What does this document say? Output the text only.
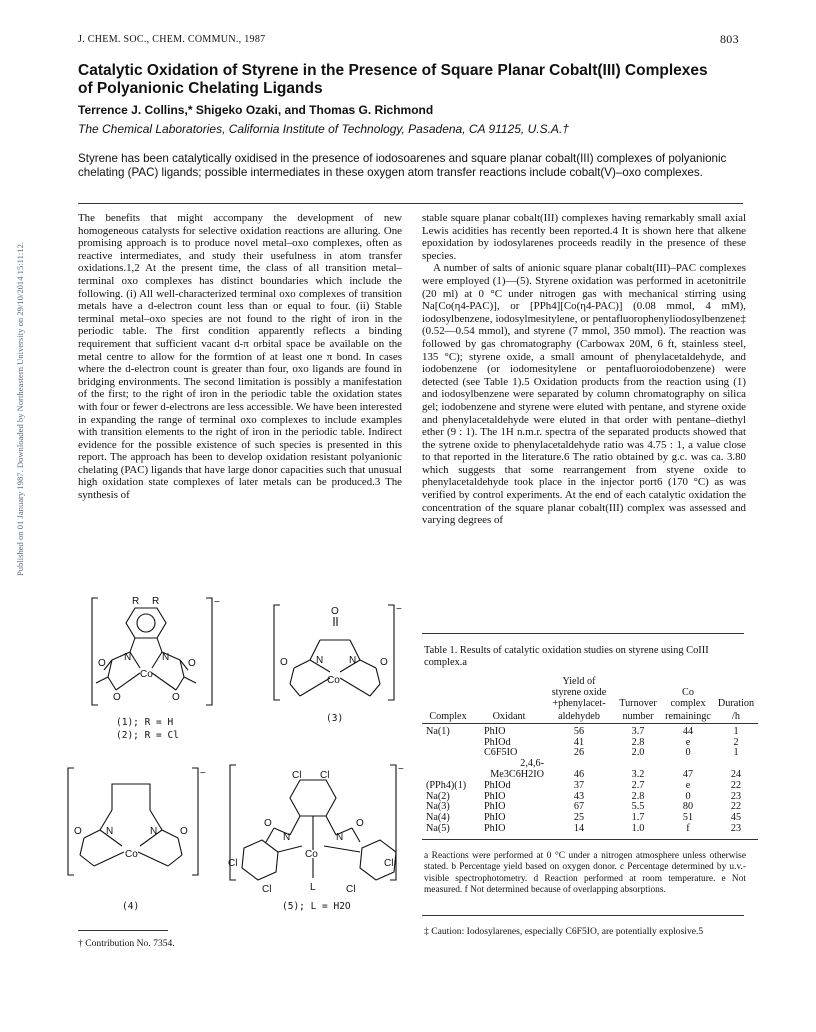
Published on 01 January 1987. Downloaded by Northeastern University on 29/10/2014 15:11:12.
J. CHEM. SOC., CHEM. COMMUN., 1987	803
Catalytic Oxidation of Styrene in the Presence of Square Planar Cobalt(III) Complexes
of Polyanionic Chelating Ligands
Terrence J. Collins,* Shigeko Ozaki, and Thomas G. Richmond
The Chemical Laboratories, California Institute of Technology, Pasadena, CA 91125, U.S.A.†
Styrene has been catalytically oxidised in the presence of iodosoarenes and square planar cobalt(III) complexes of polyanionic chelating (PAC) ligands; possible intermediates in these oxygen atom transfer reactions include cobalt(V)–oxo complexes.

The benefits that might accompany the development of new homogeneous catalysts for selective oxidation reactions are alluring. One promising approach is to produce novel metal–oxo complexes, often as reactive intermediates, and study their usefulness in atom transfer oxidations.1,2 At the present time, the class of all transition metal–terminal oxo complexes has distinct boundaries which include the following. (i) All well-characterized terminal oxo complexes of transition metals have a d-electron count less than or equal to four. (ii) Stable terminal metal–oxo species are not found to the right of iron in the periodic table. The first condition apparently reflects a binding requirement that sufficient vacant d-π orbital space be available on the metal centre to allow for the formtion of at least one π bond. In cases where the d-electron count is greater than four, oxo ligands are found in bridging environments. The second limitation is possibly a manifestation of the first; to the right of iron in the periodic table the oxidation states with four or fewer d-electrons are less accessible. We have been interested in expanding the range of terminal oxo complexes to include examples with transition elements to the right of iron in the periodic table. Indirect evidence for the possible existence of such species is presented in this report. The approach has been to develop oxidation resistant polyanionic chelating (PAC) ligands that have large donor capacities such that unusual high oxidation state complexes of later metals can be produced.3 The synthesis of

stable square planar cobalt(III) complexes having remarkably small axial Lewis acidities has recently been reported.4 It is shown here that alkene epoxidation by iodosylarenes proceeds readily in the presence of these species.

A number of salts of anionic square planar cobalt(III)–PAC complexes were employed (1)—(5). Styrene oxidation was performed in acetonitrile (20 ml) at 0 °C under nitrogen gas with mechanical stirring using Na[Co(η4-PAC)], or [PPh4][Co(η4-PAC)] (0.08 mmol, 4 mM), iodosylbenzene, iodosylmesitylene, or pentafluorophenyliodosylbenzene‡ (0.52—0.54 mmol), and styrene (7 mmol, 350 mmol). The reaction was followed by gas chromatography (Carbowax 20M, 6 ft, stainless steel, 135 °C); styrene oxide, a small amount of phenylacetaldehyde, and iodobenzene (or iodomesitylene or pentafluoroiodobenzene) were detected (see Table 1).5 Oxidation products from the reaction using (1) and iodosylbenzene were separated by column chromatography on silica gel; iodobenzene and styrene were eluted with pentane, and styrene oxide and phenylacetaldehyde were eluted in that order with pentane–diethyl ether (9 : 1). The 1H n.m.r. spectra of the separated products showed that the sytrene oxide to phenylacetaldehyde ratio was 4.75 : 1, a value close to that reported in the literature.6 The ratio obtained by g.c. was ca. 3.80 which suggests that some rearrangement from styene oxide to phenylacetaldehyde took place in the injector port6 (170 °C) as was verified by control experiments. At the end of each catalytic oxidation the concentration of the square planar cobalt(III) complex was assessed and varying degrees of

R R
N	N
Co
O	O
O	O
−
O
N	N
Co
O	O
−
N	N
Co
O	O
−	Cl Cl
N	N
Co
L
O	O
Cl	Cl
Cl	Cl
−
(1); R = H
(2); R = Cl
(3)
(4)	(5); L = H2O
Table 1. Results of catalytic oxidation studies on styrene using CoIII complex.a
		Yield of			
		styrene oxide		Co	
		+phenylacet-	Turnover	complex	Duration
Complex	Oxidant	aldehydeb	number	remainingc	/h

Na(1)	PhIO	56	3.7	44	1
	PhIOd	41	2.8	e	2
	C6F5IO	26	2.0	0	1
	2,4,6-Me3C6H2IO	46	3.2	47	24
(PPh4)(1)	PhIOd	37	2.7	e	22
Na(2)	PhIO	43	2.8	0	23
Na(3)	PhIO	67	5.5	80	22
Na(4)	PhIO	25	1.7	51	45
Na(5)	PhIO	14	1.0	f	23

a Reactions were performed at 0 °C under a nitrogen atmosphere unless otherwise stated. b Percentage yield based on oxygen donor. c Percentage determined by u.v.-visible spectrophotometry. d Reaction performed at room temperature. e Not measured. f Not determined because of overlapping absorptions.
‡ Caution: Iodosylarenes, especially C6F5IO, are potentially explosive.5
† Contribution No. 7354.
